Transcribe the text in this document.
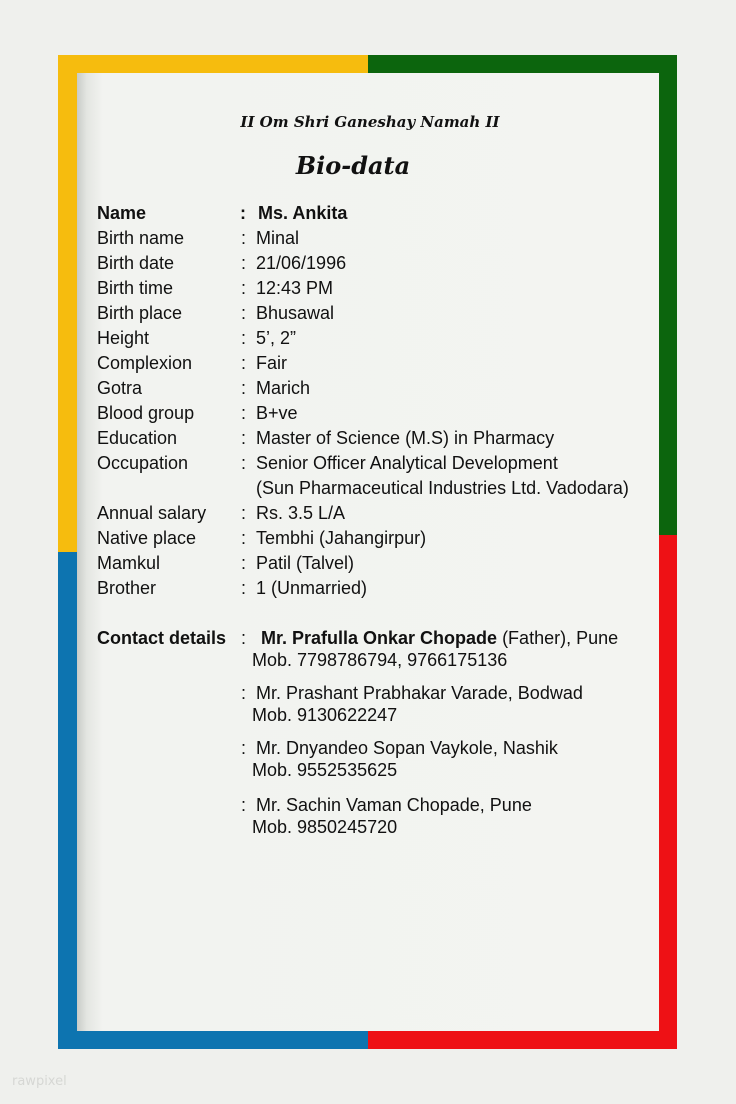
II Om Shri Ganeshay Namah II
Bio-data
Name	: Ms. Ankita
Birth name	: Minal
Birth date	: 21/06/1996
Birth time	: 12:43 PM
Birth place	: Bhusawal
Height	: 5’, 2”
Complexion	: Fair
Gotra	: Marich
Blood group	: B+ve
Education	: Master of Science (M.S) in Pharmacy
Occupation	: Senior Officer Analytical Development
(Sun Pharmaceutical Industries Ltd. Vadodara)
Annual salary : Rs. 3.5 L/A
Native place : Tembhi (Jahangirpur)
Mamkul	: Patil (Talvel)
Brother	: 1 (Unmarried)
Contact details : Mr. Prafulla Onkar Chopade (Father), Pune
Mob. 7798786794, 9766175136
: Mr. Prashant Prabhakar Varade, Bodwad
Mob. 9130622247
: Mr. Dnyandeo Sopan Vaykole, Nashik
Mob. 9552535625
: Mr. Sachin Vaman Chopade, Pune
Mob. 9850245720
rawpixel
